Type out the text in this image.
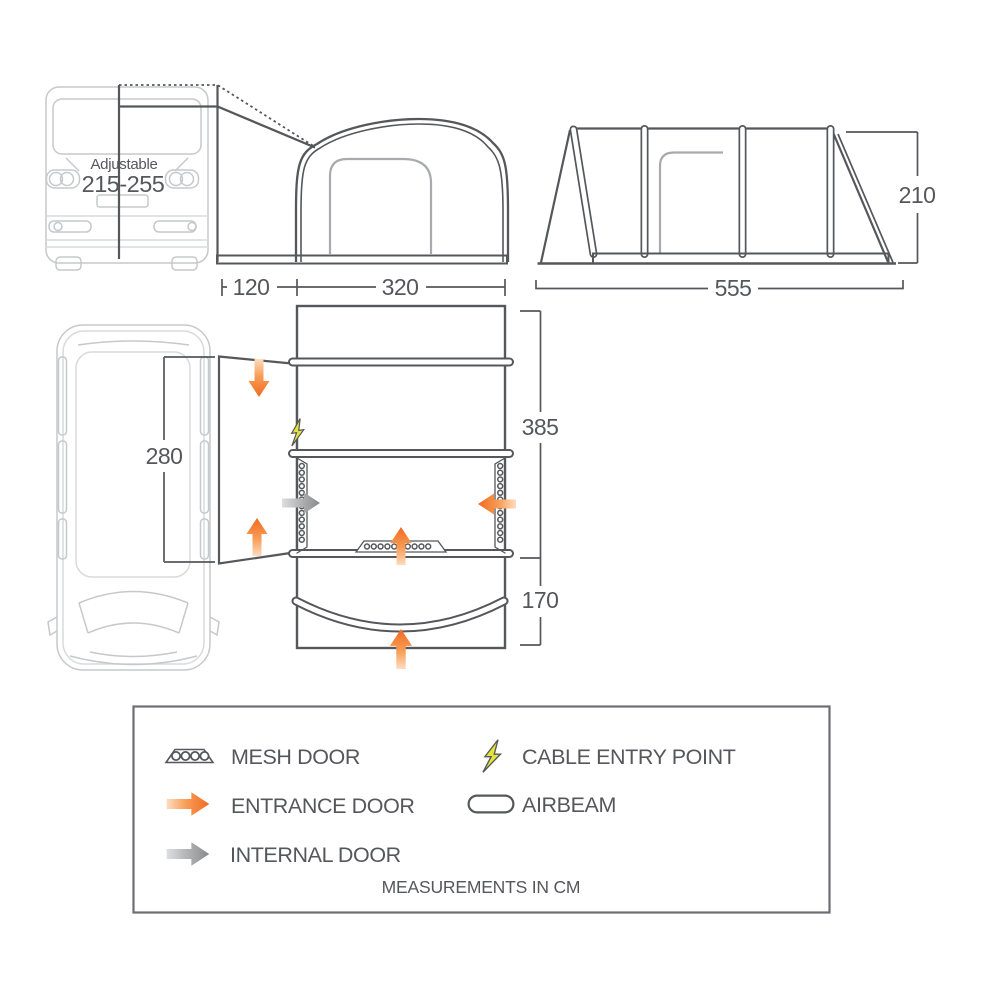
Adjustable
215-255
120	320	555
210
280
385
170
MESH DOOR	CABLE ENTRY POINT
ENTRANCE DOOR	AIRBEAM
INTERNAL DOOR
MEASUREMENTS IN CM
